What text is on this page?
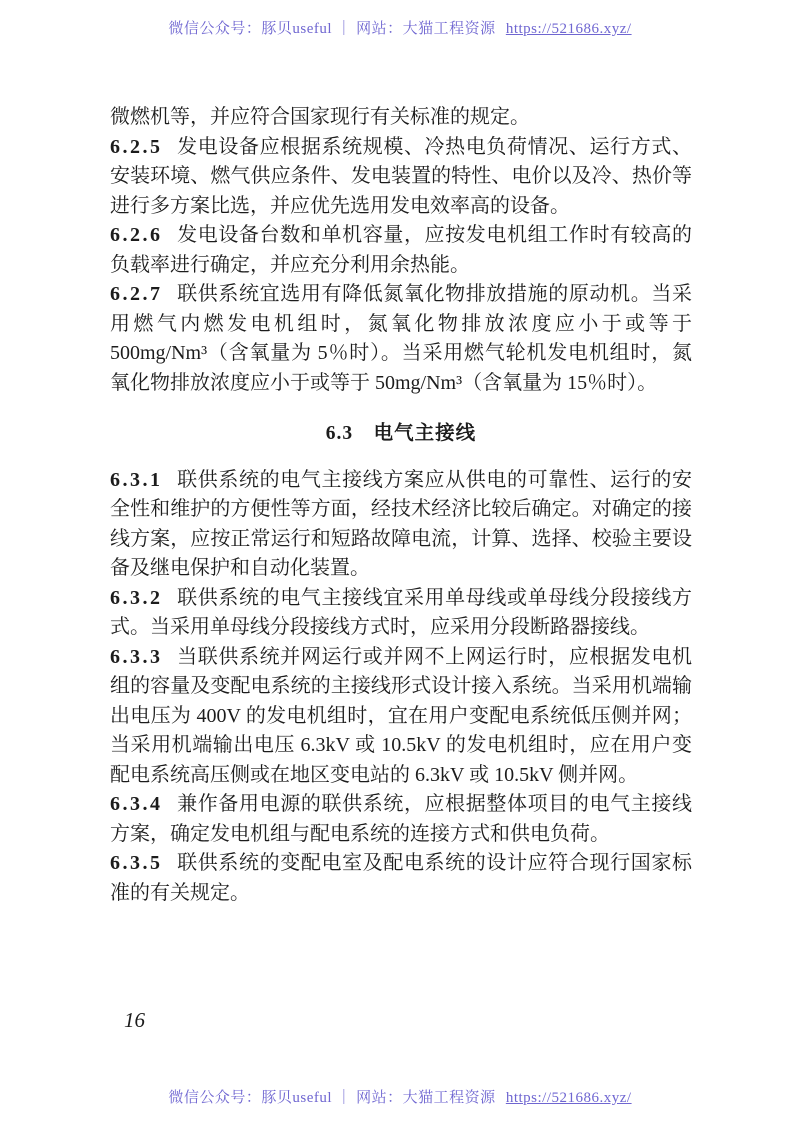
微信公众号：豚贝useful ｜ 网站：大猫工程资源 https://521686.xyz/

微燃机等，并应符合国家现行有关标准的规定。

6.2.5 发电设备应根据系统规模、冷热电负荷情况、运行方式、安装环境、燃气供应条件、发电装置的特性、电价以及冷、热价等进行多方案比选，并应优先选用发电效率高的设备。

6.2.6 发电设备台数和单机容量，应按发电机组工作时有较高的负载率进行确定，并应充分利用余热能。

6.2.7 联供系统宜选用有降低氮氧化物排放措施的原动机。当采用燃气内燃发电机组时，氮氧化物排放浓度应小于或等于 500mg/Nm³（含氧量为 5％时）。当采用燃气轮机发电机组时，氮氧化物排放浓度应小于或等于 50mg/Nm³（含氧量为 15％时）。

6.3　电气主接线

6.3.1 联供系统的电气主接线方案应从供电的可靠性、运行的安全性和维护的方便性等方面，经技术经济比较后确定。对确定的接线方案，应按正常运行和短路故障电流，计算、选择、校验主要设备及继电保护和自动化装置。

6.3.2 联供系统的电气主接线宜采用单母线或单母线分段接线方式。当采用单母线分段接线方式时，应采用分段断路器接线。

6.3.3 当联供系统并网运行或并网不上网运行时，应根据发电机组的容量及变配电系统的主接线形式设计接入系统。当采用机端输出电压为 400V 的发电机组时，宜在用户变配电系统低压侧并网；当采用机端输出电压 6.3kV 或 10.5kV 的发电机组时，应在用户变配电系统高压侧或在地区变电站的 6.3kV 或 10.5kV 侧并网。

6.3.4 兼作备用电源的联供系统，应根据整体项目的电气主接线方案，确定发电机组与配电系统的连接方式和供电负荷。

6.3.5 联供系统的变配电室及配电系统的设计应符合现行国家标准的有关规定。

16
微信公众号：豚贝useful ｜ 网站：大猫工程资源 https://521686.xyz/
